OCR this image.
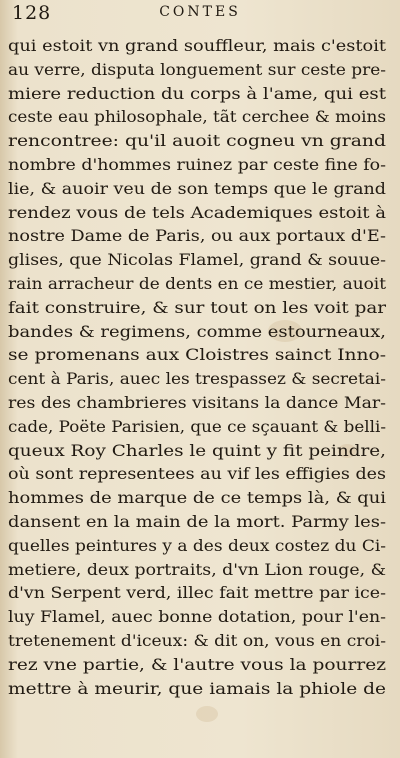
128	CONTES
qui estoit vn grand souffleur, mais c'estoit
au verre, disputa longuement sur ceste pre-
miere reduction du corps à l'ame, qui est
ceste eau philosophale, tãt cerchee & moins
rencontree: qu'il auoit cogneu vn grand
nombre d'hommes ruinez par ceste fine fo-
lie, & auoir veu de son temps que le grand
rendez vous de tels Academiques estoit à
nostre Dame de Paris, ou aux portaux d'E-
glises, que Nicolas Flamel, grand & souue-
rain arracheur de dents en ce mestier, auoit
fait construire, & sur tout on les voit par
bandes & regimens, comme estourneaux,
se promenans aux Cloistres sainct Inno-
cent à Paris, auec les trespassez & secretai-
res des chambrieres visitans la dance Mar-
cade, Poëte Parisien, que ce sçauant & belli-
queux Roy Charles le quint y fit peindre,
où sont representees au vif les effigies des
hommes de marque de ce temps là, & qui
dansent en la main de la mort. Parmy les-
quelles peintures y a des deux costez du Ci-
metiere, deux portraits, d'vn Lion rouge, &
d'vn Serpent verd, illec fait mettre par ice-
luy Flamel, auec bonne dotation, pour l'en-
tretenement d'iceux: & dit on, vous en croi-
rez vne partie, & l'autre vous la pourrez
mettre à meurir, que iamais la phiole de
